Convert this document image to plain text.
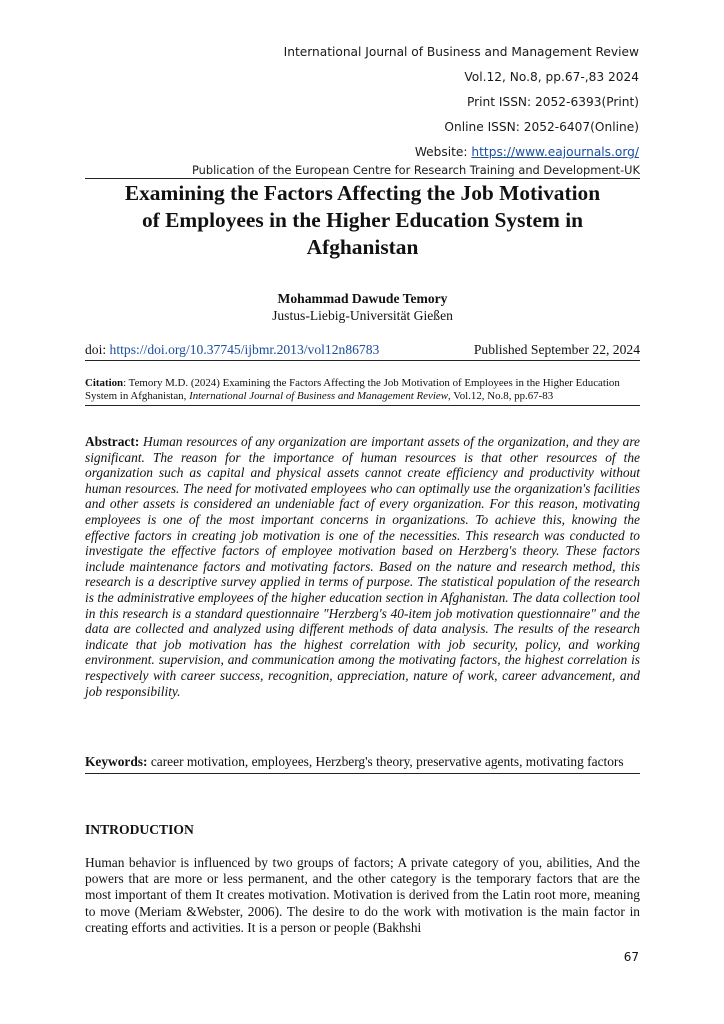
International Journal of Business and Management Review
Vol.12, No.8, pp.67-,83 2024
Print ISSN: 2052-6393(Print)
Online ISSN: 2052-6407(Online)
Website: https://www.eajournals.org/
Publication of the European Centre for Research Training and Development-UK
Examining the Factors Affecting the Job Motivation
of Employees in the Higher Education System in
Afghanistan
Mohammad Dawude Temory
Justus-Liebig-Universität Gießen
doi: https://doi.org/10.37745/ijbmr.2013/vol12n86783	Published September 22, 2024
Citation: Temory M.D. (2024) Examining the Factors Affecting the Job Motivation of Employees in the Higher Education System in Afghanistan, International Journal of Business and Management Review, Vol.12, No.8, pp.67-83
Abstract: Human resources of any organization are important assets of the organization, and they are significant. The reason for the importance of human resources is that other resources of the organization such as capital and physical assets cannot create efficiency and productivity without human resources. The need for motivated employees who can optimally use the organization's facilities and other assets is considered an undeniable fact of every organization. For this reason, motivating employees is one of the most important concerns in organizations. To achieve this, knowing the effective factors in creating job motivation is one of the necessities. This research was conducted to investigate the effective factors of employee motivation based on Herzberg's theory. These factors include maintenance factors and motivating factors. Based on the nature and research method, this research is a descriptive survey applied in terms of purpose. The statistical population of the research is the administrative employees of the higher education section in Afghanistan. The data collection tool in this research is a standard questionnaire "Herzberg's 40-item job motivation questionnaire" and the data are collected and analyzed using different methods of data analysis. The results of the research indicate that job motivation has the highest correlation with job security, policy, and working environment. supervision, and communication among the motivating factors, the highest correlation is respectively with career success, recognition, appreciation, nature of work, career advancement, and job responsibility.
Keywords: career motivation, employees, Herzberg's theory, preservative agents, motivating factors
INTRODUCTION
Human behavior is influenced by two groups of factors; A private category of you, abilities, And the powers that are more or less permanent, and the other category is the temporary factors that are the most important of them It creates motivation. Motivation is derived from the Latin root more, meaning to move (Meriam &Webster, 2006). The desire to do the work with motivation is the main factor in creating efforts and activities. It is a person or people (Bakhshi
67
